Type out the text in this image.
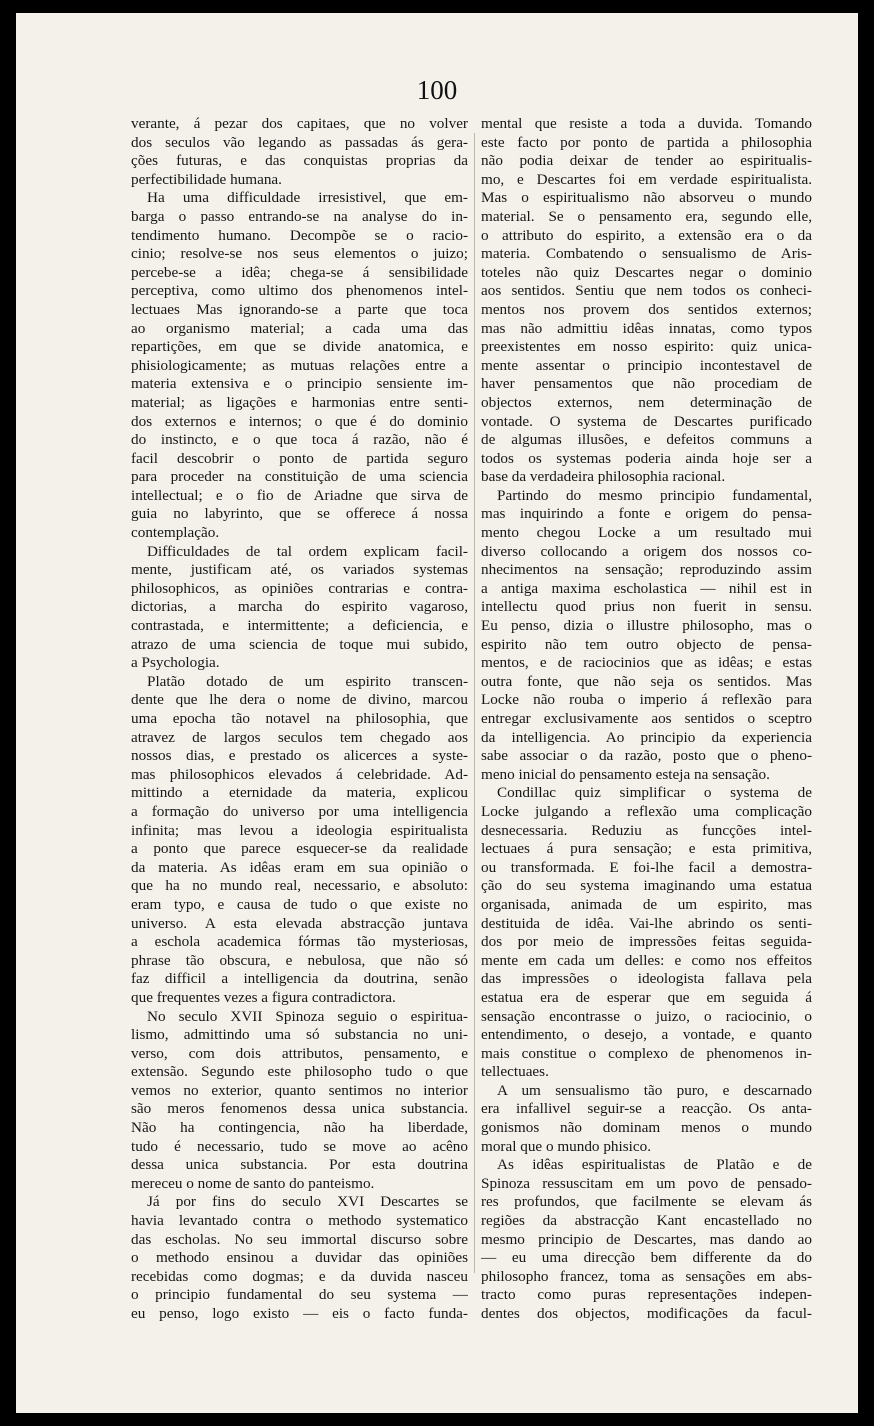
100
verante, á pezar dos capitaes, que no volver
dos seculos vão legando as passadas ás gera-
ções futuras, e das conquistas proprias da
perfectibilidade humana.
Ha uma difficuldade irresistivel, que em-
barga o passo entrando-se na analyse do in-
tendimento humano. Decompõe se o racio-
cinio; resolve-se nos seus elementos o juizo;
percebe-se a idêa; chega-se á sensibilidade
perceptiva, como ultimo dos phenomenos intel-
lectuaes Mas ignorando-se a parte que toca
ao organismo material; a cada uma das
repartições, em que se divide anatomica, e
phisiologicamente; as mutuas relações entre a
materia extensiva e o principio sensiente im-
material; as ligações e harmonias entre senti-
dos externos e internos; o que é do dominio
do instincto, e o que toca á razão, não é
facil descobrir o ponto de partida seguro
para proceder na constituição de uma sciencia
intellectual; e o fio de Ariadne que sirva de
guia no labyrinto, que se offerece á nossa
contemplação.
Difficuldades de tal ordem explicam facil-
mente, justificam até, os variados systemas
philosophicos, as opiniões contrarias e contra-
dictorias, a marcha do espirito vagaroso,
contrastada, e intermittente; a deficiencia, e
atrazo de uma sciencia de toque mui subido,
a Psychologia.
Platão dotado de um espirito transcen-
dente que lhe dera o nome de divino, marcou
uma epocha tão notavel na philosophia, que
atravez de largos seculos tem chegado aos
nossos dias, e prestado os alicerces a syste-
mas philosophicos elevados á celebridade. Ad-
mittindo a eternidade da materia, explicou
a formação do universo por uma intelligencia
infinita; mas levou a ideologia espiritualista
a ponto que parece esquecer-se da realidade
da materia. As idêas eram em sua opinião o
que ha no mundo real, necessario, e absoluto:
eram typo, e causa de tudo o que existe no
universo. A esta elevada abstracção juntava
a eschola academica fórmas tão mysteriosas,
phrase tão obscura, e nebulosa, que não só
faz difficil a intelligencia da doutrina, senão
que frequentes vezes a figura contradictora.
No seculo XVII Spinoza seguio o espiritua-
lismo, admittindo uma só substancia no uni-
verso, com dois attributos, pensamento, e
extensão. Segundo este philosopho tudo o que
vemos no exterior, quanto sentimos no interior
são meros fenomenos dessa unica substancia.
Não ha contingencia, não ha liberdade,
tudo é necessario, tudo se move ao acêno
dessa unica substancia. Por esta doutrina
mereceu o nome de santo do panteismo.
Já por fins do seculo XVI Descartes se
havia levantado contra o methodo systematico
das escholas. No seu immortal discurso sobre
o methodo ensinou a duvidar das opiniões
recebidas como dogmas; e da duvida nasceu
o principio fundamental do seu systema —
eu penso, logo existo — eis o facto funda-
mental que resiste a toda a duvida. Tomando
este facto por ponto de partida a philosophia
não podia deixar de tender ao espiritualis-
mo, e Descartes foi em verdade espiritualista.
Mas o espiritualismo não absorveu o mundo
material. Se o pensamento era, segundo elle,
o attributo do espirito, a extensão era o da
materia. Combatendo o sensualismo de Aris-
toteles não quiz Descartes negar o dominio
aos sentidos. Sentiu que nem todos os conheci-
mentos nos provem dos sentidos externos;
mas não admittiu idêas innatas, como typos
preexistentes em nosso espirito: quiz unica-
mente assentar o principio incontestavel de
haver pensamentos que não procediam de
objectos externos, nem determinação de
vontade. O systema de Descartes purificado
de algumas illusões, e defeitos communs a
todos os systemas poderia ainda hoje ser a
base da verdadeira philosophia racional.
Partindo do mesmo principio fundamental,
mas inquirindo a fonte e origem do pensa-
mento chegou Locke a um resultado mui
diverso collocando a origem dos nossos co-
nhecimentos na sensação; reproduzindo assim
a antiga maxima escholastica — nihil est in
intellectu quod prius non fuerit in sensu.
Eu penso, dizia o illustre philosopho, mas o
espirito não tem outro objecto de pensa-
mentos, e de raciocinios que as idêas; e estas
outra fonte, que não seja os sentidos. Mas
Locke não rouba o imperio á reflexão para
entregar exclusivamente aos sentidos o sceptro
da intelligencia. Ao principio da experiencia
sabe associar o da razão, posto que o pheno-
meno inicial do pensamento esteja na sensação.
Condillac quiz simplificar o systema de
Locke julgando a reflexão uma complicação
desnecessaria. Reduziu as funcções intel-
lectuaes á pura sensação; e esta primitiva,
ou transformada. E foi-lhe facil a demostra-
ção do seu systema imaginando uma estatua
organisada, animada de um espirito, mas
destituida de idêa. Vai-lhe abrindo os senti-
dos por meio de impressões feitas seguida-
mente em cada um delles: e como nos effeitos
das impressões o ideologista fallava pela
estatua era de esperar que em seguida á
sensação encontrasse o juizo, o raciocinio, o
entendimento, o desejo, a vontade, e quanto
mais constitue o complexo de phenomenos in-
tellectuaes.
A um sensualismo tão puro, e descarnado
era infallivel seguir-se a reacção. Os anta-
gonismos não dominam menos o mundo
moral que o mundo phisico.
As idêas espiritualistas de Platão e de
Spinoza ressuscitam em um povo de pensado-
res profundos, que facilmente se elevam ás
regiões da abstracção Kant encastellado no
mesmo principio de Descartes, mas dando ao
— eu uma direcção bem differente da do
philosopho francez, toma as sensações em abs-
tracto como puras representações indepen-
dentes dos objectos, modificações da facul-
